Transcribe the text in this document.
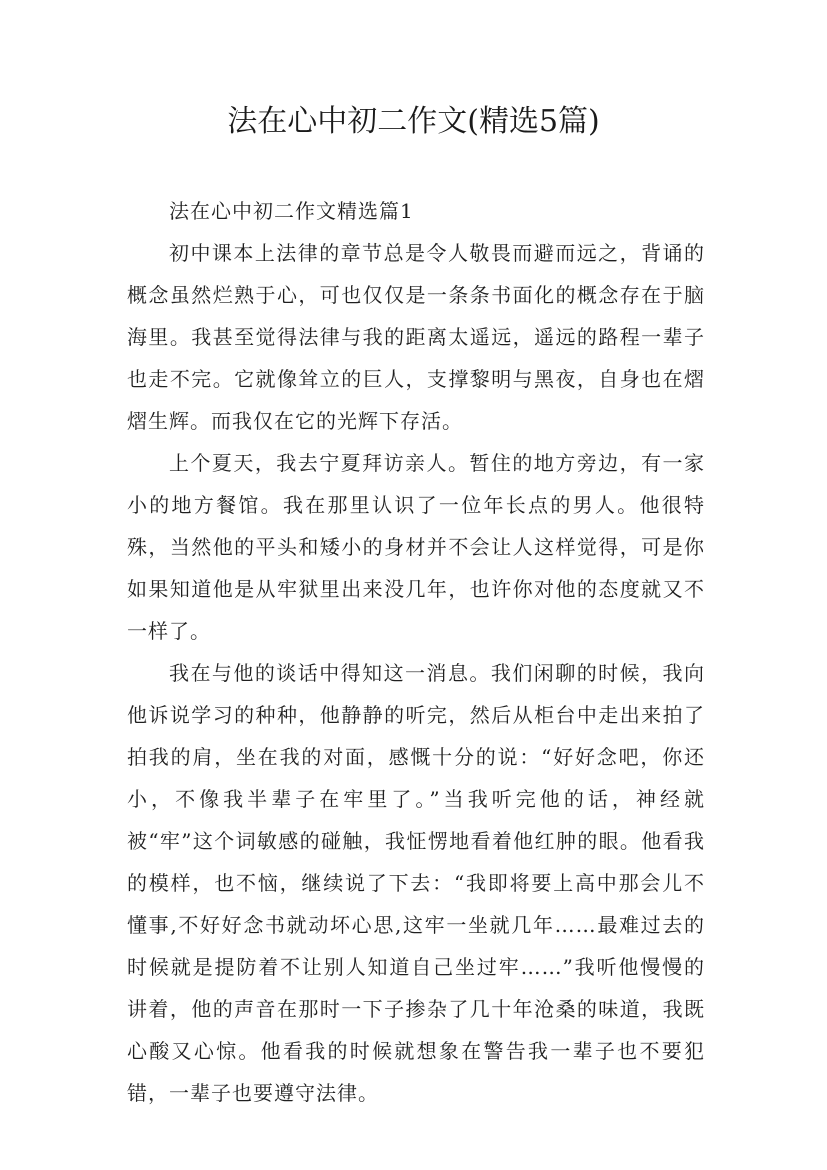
法在心中初二作文(精选5篇)

法在心中初二作文精选篇1

初中课本上法律的章节总是令人敬畏而避而远之，背诵的概念虽然烂熟于心，可也仅仅是一条条书面化的概念存在于脑海里。我甚至觉得法律与我的距离太遥远，遥远的路程一辈子也走不完。它就像耸立的巨人，支撑黎明与黑夜，自身也在熠熠生辉。而我仅在它的光辉下存活。

上个夏天，我去宁夏拜访亲人。暂住的地方旁边，有一家小的地方餐馆。我在那里认识了一位年长点的男人。他很特殊，当然他的平头和矮小的身材并不会让人这样觉得，可是你如果知道他是从牢狱里出来没几年，也许你对他的态度就又不一样了。

我在与他的谈话中得知这一消息。我们闲聊的时候，我向他诉说学习的种种，他静静的听完，然后从柜台中走出来拍了拍我的肩，坐在我的对面，感慨十分的说：“好好念吧，你还小，不像我半辈子在牢里了。”当我听完他的话，神经就被“牢”这个词敏感的碰触，我怔愣地看着他红肿的眼。他看我的模样，也不恼，继续说了下去：“我即将要上高中那会儿不懂事,不好好念书就动坏心思,这牢一坐就几年……最难过去的时候就是提防着不让别人知道自己坐过牢……”我听他慢慢的讲着，他的声音在那时一下子掺杂了几十年沧桑的味道，我既心酸又心惊。他看我的时候就想象在警告我一辈子也不要犯错，一辈子也要遵守法律。
